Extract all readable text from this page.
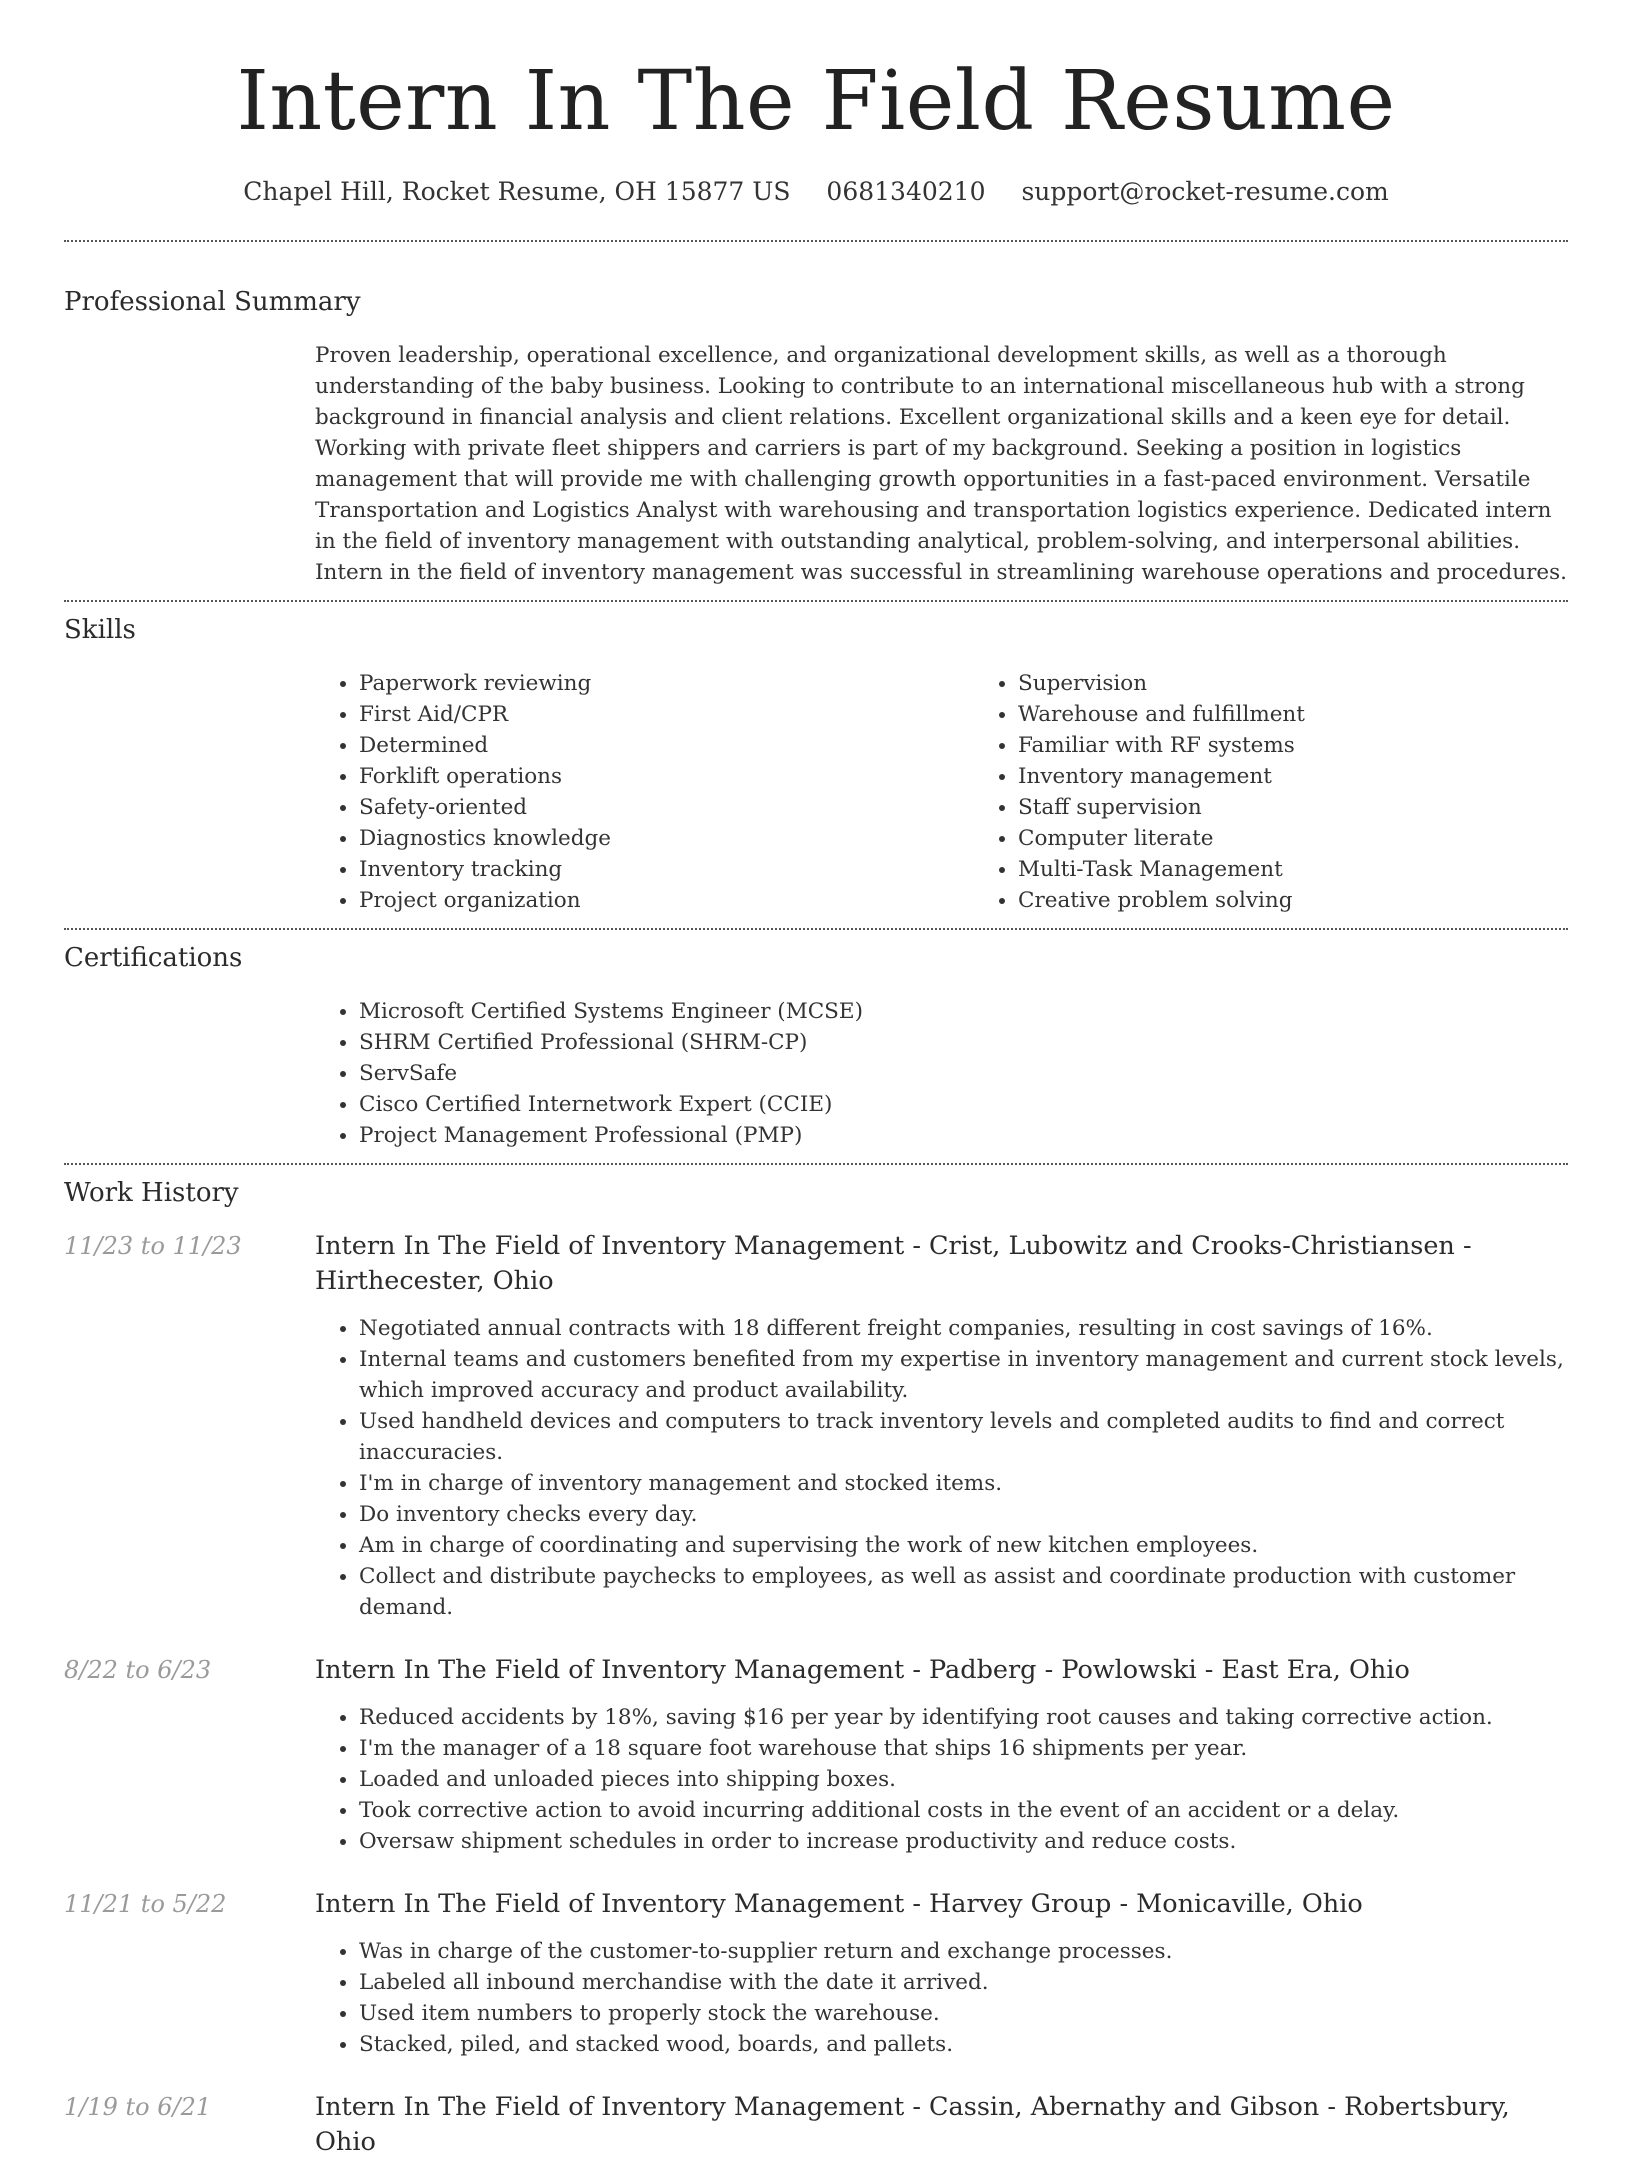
Intern In The Field Resume
Chapel Hill, Rocket Resume, OH 15877 US 0681340210 support@rocket-resume.com
Professional Summary

Proven leadership, operational excellence, and organizational development skills, as well as a thorough understanding of the baby business. Looking to contribute to an international miscellaneous hub with a strong background in financial analysis and client relations. Excellent organizational skills and a keen eye for detail. Working with private fleet shippers and carriers is part of my background. Seeking a position in logistics management that will provide me with challenging growth opportunities in a fast-paced environment. Versatile Transportation and Logistics Analyst with warehousing and transportation logistics experience. Dedicated intern in the field of inventory management with outstanding analytical, problem-solving, and interpersonal abilities. Intern in the field of inventory management was successful in streamlining warehouse operations and procedures.

Skills
• Paperwork reviewing
• First Aid/CPR
• Determined
• Forklift operations
• Safety-oriented
• Diagnostics knowledge
• Inventory tracking
• Project organization
• Supervision
• Warehouse and fulfillment
• Familiar with RF systems
• Inventory management
• Staff supervision
• Computer literate
• Multi-Task Management
• Creative problem solving
Certifications
• Microsoft Certified Systems Engineer (MCSE)
• SHRM Certified Professional (SHRM-CP)
• ServSafe
• Cisco Certified Internetwork Expert (CCIE)
• Project Management Professional (PMP)
Work History
11/23 to 11/23	Intern In The Field of Inventory Management - Crist, Lubowitz and Crooks-Christiansen - Hirthecester, Ohio
• Negotiated annual contracts with 18 different freight companies, resulting in cost savings of 16%.
• Internal teams and customers benefited from my expertise in inventory management and current stock levels, which improved accuracy and product availability.
• Used handheld devices and computers to track inventory levels and completed audits to find and correct inaccuracies.
• I'm in charge of inventory management and stocked items.
• Do inventory checks every day.
• Am in charge of coordinating and supervising the work of new kitchen employees.
• Collect and distribute paychecks to employees, as well as assist and coordinate production with customer demand.
8/22 to 6/23	Intern In The Field of Inventory Management - Padberg - Powlowski - East Era, Ohio
• Reduced accidents by 18%, saving $16 per year by identifying root causes and taking corrective action.
• I'm the manager of a 18 square foot warehouse that ships 16 shipments per year.
• Loaded and unloaded pieces into shipping boxes.
• Took corrective action to avoid incurring additional costs in the event of an accident or a delay.
• Oversaw shipment schedules in order to increase productivity and reduce costs.
11/21 to 5/22	Intern In The Field of Inventory Management - Harvey Group - Monicaville, Ohio
• Was in charge of the customer-to-supplier return and exchange processes.
• Labeled all inbound merchandise with the date it arrived.
• Used item numbers to properly stock the warehouse.
• Stacked, piled, and stacked wood, boards, and pallets.
1/19 to 6/21	Intern In The Field of Inventory Management - Cassin, Abernathy and Gibson - Robertsbury, Ohio
